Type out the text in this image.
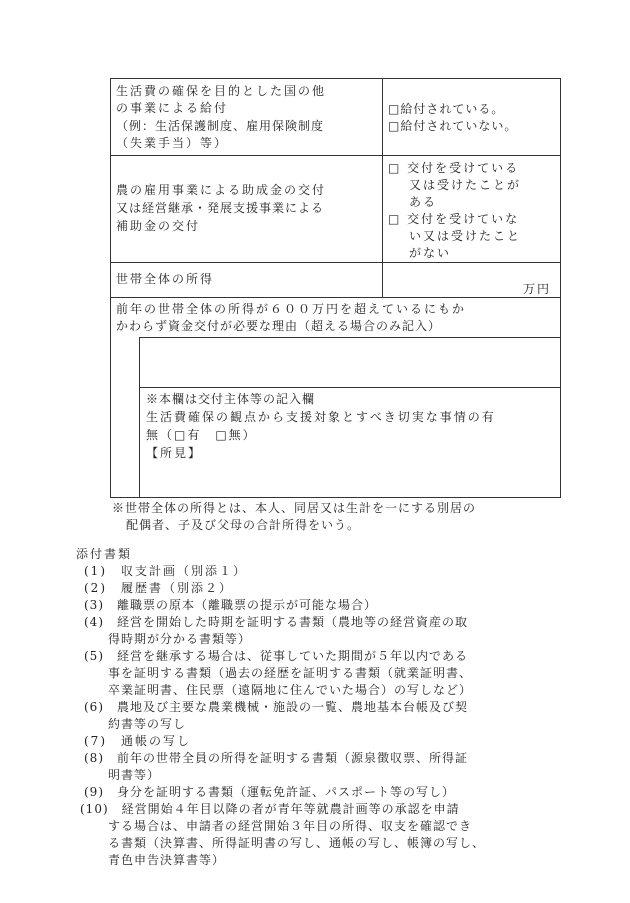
生活費の確保を目的とした国の他
の事業による給付
（例：生活保護制度、雇用保険制度
（失業手当）等）
□給付されている。
□給付されていない。
農の雇用事業による助成金の交付
又は経営継承・発展支援事業による
補助金の交付
□ 交付を受けている
又は受けたことが
ある
□ 交付を受けていな
い又は受けたこと
がない
世帯全体の所得
万円
前年の世帯全体の所得が６００万円を超えているにもか
かわらず資金交付が必要な理由（超える場合のみ記入）
※本欄は交付主体等の記入欄
生活費確保の観点から支援対象とすべき切実な事情の有
無（□有　□無）
【所見】
※世帯全体の所得とは、本人、同居又は生計を一にする別居の
配偶者、子及び父母の合計所得をいう。
添付書類
(1)　収支計画（別添１）
(2)　履歴書（別添２）
(3)　離職票の原本（離職票の提示が可能な場合）
(4)　経営を開始した時期を証明する書類（農地等の経営資産の取
得時期が分かる書類等）
(5)　経営を継承する場合は、従事していた期間が５年以内である
事を証明する書類（過去の経歴を証明する書類（就業証明書、
卒業証明書、住民票（遠隔地に住んでいた場合）の写しなど）
(6)　農地及び主要な農業機械・施設の一覧、農地基本台帳及び契
約書等の写し
(7)　通帳の写し
(8)　前年の世帯全員の所得を証明する書類（源泉徴収票、所得証
明書等）
(9)　身分を証明する書類（運転免許証、パスポート等の写し）
(10)　経営開始４年目以降の者が青年等就農計画等の承認を申請
する場合は、申請者の経営開始３年目の所得、収支を確認でき
る書類（決算書、所得証明書の写し、通帳の写し、帳簿の写し、
青色申告決算書等）
